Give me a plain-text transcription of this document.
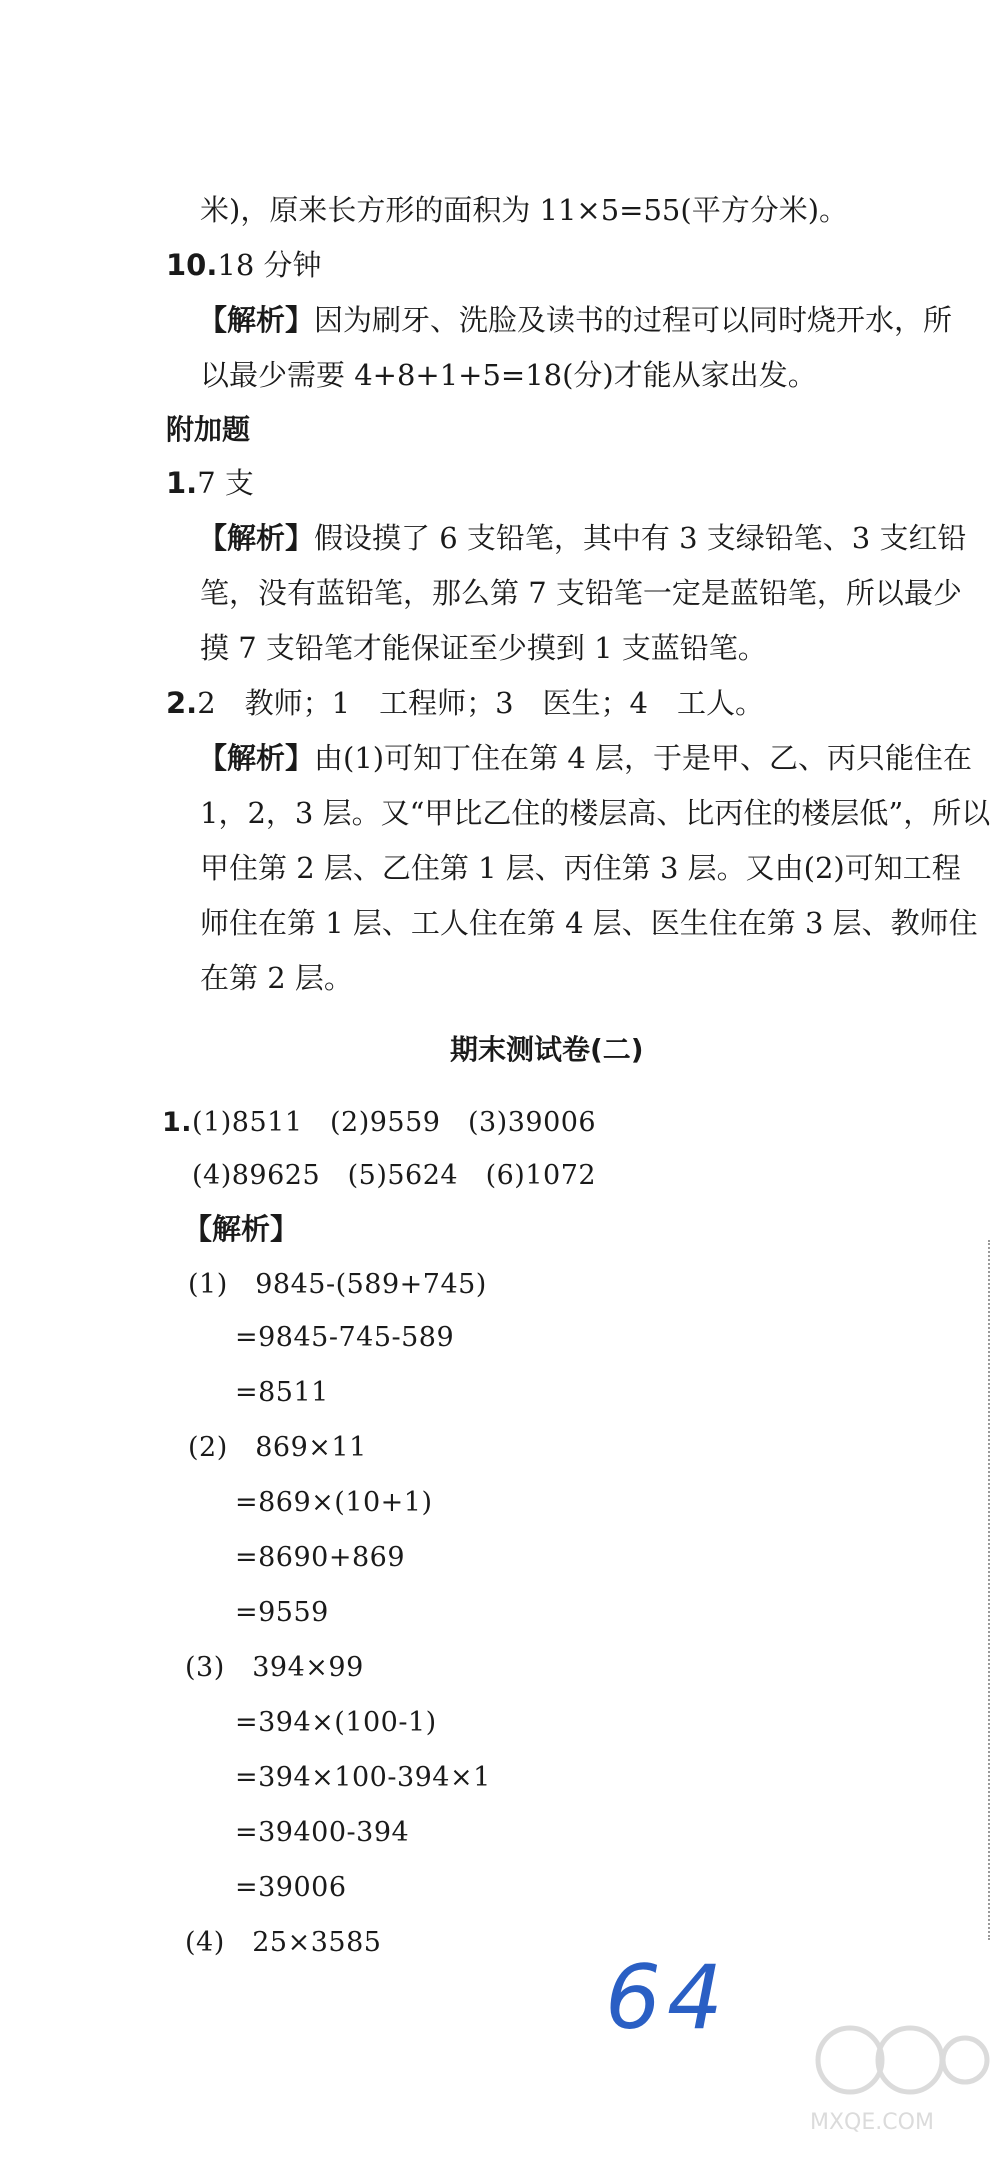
米)，原来长方形的面积为 11×5=55(平方分米)。
10.18 分钟
【解析】因为刷牙、洗脸及读书的过程可以同时烧开水，所
以最少需要 4+8+1+5=18(分)才能从家出发。
附加题
1.7 支
【解析】假设摸了 6 支铅笔，其中有 3 支绿铅笔、3 支红铅
笔，没有蓝铅笔，那么第 7 支铅笔一定是蓝铅笔，所以最少
摸 7 支铅笔才能保证至少摸到 1 支蓝铅笔。
2.2　教师；1　工程师；3　医生；4　工人。
【解析】由(1)可知丁住在第 4 层，于是甲、乙、丙只能住在
1，2，3 层。又“甲比乙住的楼层高、比丙住的楼层低”，所以
甲住第 2 层、乙住第 1 层、丙住第 3 层。又由(2)可知工程
师住在第 1 层、工人住在第 4 层、医生住在第 3 层、教师住
在第 2 层。
期末测试卷(二)
1.(1)8511　(2)9559　(3)39006
(4)89625　(5)5624　(6)1072
【解析】
(1)　9845-(589+745)
=9845-745-589
=8511
(2)　869×11
=869×(10+1)
=8690+869
=9559
(3)　394×99
=394×(100-1)
=394×100-394×1
=39400-394
=39006
(4)　25×3585
64
MXQE.COM
